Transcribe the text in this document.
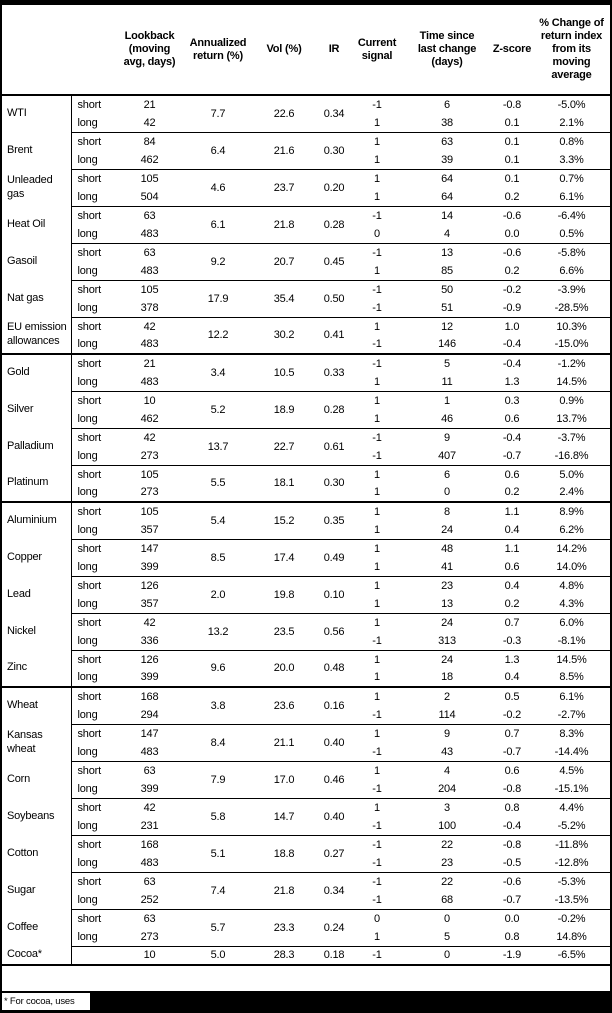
		Lookback (moving avg, days)	Annualized return (%)	Vol (%)	IR	Current signal	Time since last change (days)	Z-score	% Change of return index from its moving average

WTI	short	21	7.7	22.6	0.34	-1	6	-0.8	-5.0%
	long	42				1	38	0.1	2.1%
Brent	short	84	6.4	21.6	0.30	1	63	0.1	0.8%
	long	462				1	39	0.1	3.3%
Unleaded gas	short	105	4.6	23.7	0.20	1	64	0.1	0.7%
	long	504				1	64	0.2	6.1%
Heat Oil	short	63	6.1	21.8	0.28	-1	14	-0.6	-6.4%
	long	483				0	4	0.0	0.5%
Gasoil	short	63	9.2	20.7	0.45	-1	13	-0.6	-5.8%
	long	483				1	85	0.2	6.6%
Nat gas	short	105	17.9	35.4	0.50	-1	50	-0.2	-3.9%
	long	378				-1	51	-0.9	-28.5%
EU emission allowances	short	42	12.2	30.2	0.41	1	12	1.0	10.3%
	long	483				-1	146	-0.4	-15.0%
Gold	short	21	3.4	10.5	0.33	-1	5	-0.4	-1.2%
	long	483				1	11	1.3	14.5%
Silver	short	10	5.2	18.9	0.28	1	1	0.3	0.9%
	long	462				1	46	0.6	13.7%
Palladium	short	42	13.7	22.7	0.61	-1	9	-0.4	-3.7%
	long	273				-1	407	-0.7	-16.8%
Platinum	short	105	5.5	18.1	0.30	1	6	0.6	5.0%
	long	273				1	0	0.2	2.4%
Aluminium	short	105	5.4	15.2	0.35	1	8	1.1	8.9%
	long	357				1	24	0.4	6.2%
Copper	short	147	8.5	17.4	0.49	1	48	1.1	14.2%
	long	399				1	41	0.6	14.0%
Lead	short	126	2.0	19.8	0.10	1	23	0.4	4.8%
	long	357				1	13	0.2	4.3%
Nickel	short	42	13.2	23.5	0.56	1	24	0.7	6.0%
	long	336				-1	313	-0.3	-8.1%
Zinc	short	126	9.6	20.0	0.48	1	24	1.3	14.5%
	long	399				1	18	0.4	8.5%
Wheat	short	168	3.8	23.6	0.16	1	2	0.5	6.1%
	long	294				-1	114	-0.2	-2.7%
Kansas wheat	short	147	8.4	21.1	0.40	1	9	0.7	8.3%
	long	483				-1	43	-0.7	-14.4%
Corn	short	63	7.9	17.0	0.46	1	4	0.6	4.5%
	long	399				-1	204	-0.8	-15.1%
Soybeans	short	42	5.8	14.7	0.40	1	3	0.8	4.4%
	long	231				-1	100	-0.4	-5.2%
Cotton	short	168	5.1	18.8	0.27	-1	22	-0.8	-11.8%
	long	483				-1	23	-0.5	-12.8%
Sugar	short	63	7.4	21.8	0.34	-1	22	-0.6	-5.3%
	long	252				-1	68	-0.7	-13.5%
Coffee	short	63	5.7	23.3	0.24	0	0	0.0	-0.2%
	long	273				1	5	0.8	14.8%
Cocoa*		10	5.0	28.3	0.18	-1	0	-1.9	-6.5%
* For cocoa, uses
